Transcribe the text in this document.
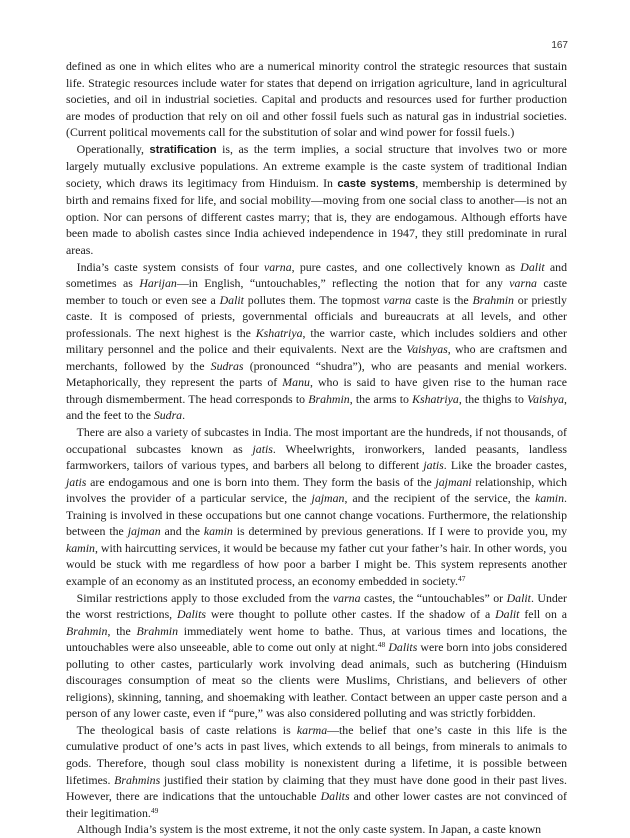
167

defined as one in which elites who are a numerical minority control the strategic resources that sustain life. Strategic resources include water for states that depend on irrigation agriculture, land in agricultural societies, and oil in industrial societies. Capital and products and resources used for further production are modes of production that rely on oil and other fossil fuels such as natural gas in industrial societies. (Current political movements call for the substitution of solar and wind power for fossil fuels.)

Operationally, stratification is, as the term implies, a social structure that involves two or more largely mutually exclusive populations. An extreme example is the caste system of traditional Indian society, which draws its legitimacy from Hinduism. In caste systems, membership is determined by birth and remains fixed for life, and social mobility—moving from one social class to another—is not an option. Nor can persons of different castes marry; that is, they are endogamous. Although efforts have been made to abolish castes since India achieved independence in 1947, they still predominate in rural areas.

India’s caste system consists of four varna, pure castes, and one collectively known as Dalit and sometimes as Harijan—in English, “untouchables,” reflecting the notion that for any varna caste member to touch or even see a Dalit pollutes them. The topmost varna caste is the Brahmin or priestly caste. It is composed of priests, governmental officials and bureaucrats at all levels, and other professionals. The next highest is the Kshatriya, the warrior caste, which includes soldiers and other military personnel and the police and their equivalents. Next are the Vaishyas, who are craftsmen and merchants, followed by the Sudras (pronounced “shudra”), who are peasants and menial workers. Metaphorically, they represent the parts of Manu, who is said to have given rise to the human race through dismemberment. The head corresponds to Brahmin, the arms to Kshatriya, the thighs to Vaishya, and the feet to the Sudra.

There are also a variety of subcastes in India. The most important are the hundreds, if not thousands, of occupational subcastes known as jatis. Wheelwrights, ironworkers, landed peasants, landless farmworkers, tailors of various types, and barbers all belong to different jatis. Like the broader castes, jatis are endogamous and one is born into them. They form the basis of the jajmani relationship, which involves the provider of a particular service, the jajman, and the recipient of the service, the kamin. Training is involved in these occupations but one cannot change vocations. Furthermore, the relationship between the jajman and the kamin is determined by previous generations. If I were to provide you, my kamin, with haircutting services, it would be because my father cut your father’s hair. In other words, you would be stuck with me regardless of how poor a barber I might be. This system represents another example of an economy as an instituted process, an economy embedded in society.$^{47}$

Similar restrictions apply to those excluded from the varna castes, the “untouchables” or Dalit. Under the worst restrictions, Dalits were thought to pollute other castes. If the shadow of a Dalit fell on a Brahmin, the Brahmin immediately went home to bathe. Thus, at various times and locations, the untouchables were also unseeable, able to come out only at night.$^{48}$ Dalits were born into jobs considered polluting to other castes, particularly work involving dead animals, such as butchering (Hinduism discourages consumption of meat so the clients were Muslims, Christians, and believers of other religions), skinning, tanning, and shoemaking with leather. Contact between an upper caste person and a person of any lower caste, even if “pure,” was also considered polluting and was strictly forbidden.

The theological basis of caste relations is karma—the belief that one’s caste in this life is the cumulative product of one’s acts in past lives, which extends to all beings, from minerals to animals to gods. Therefore, though soul class mobility is nonexistent during a lifetime, it is possible between lifetimes. Brahmins justified their station by claiming that they must have done good in their past lives. However, there are indications that the untouchable Dalits and other lower castes are not convinced of their legitimation.$^{49}$

Although India’s system is the most extreme, it not the only caste system. In Japan, a caste known
